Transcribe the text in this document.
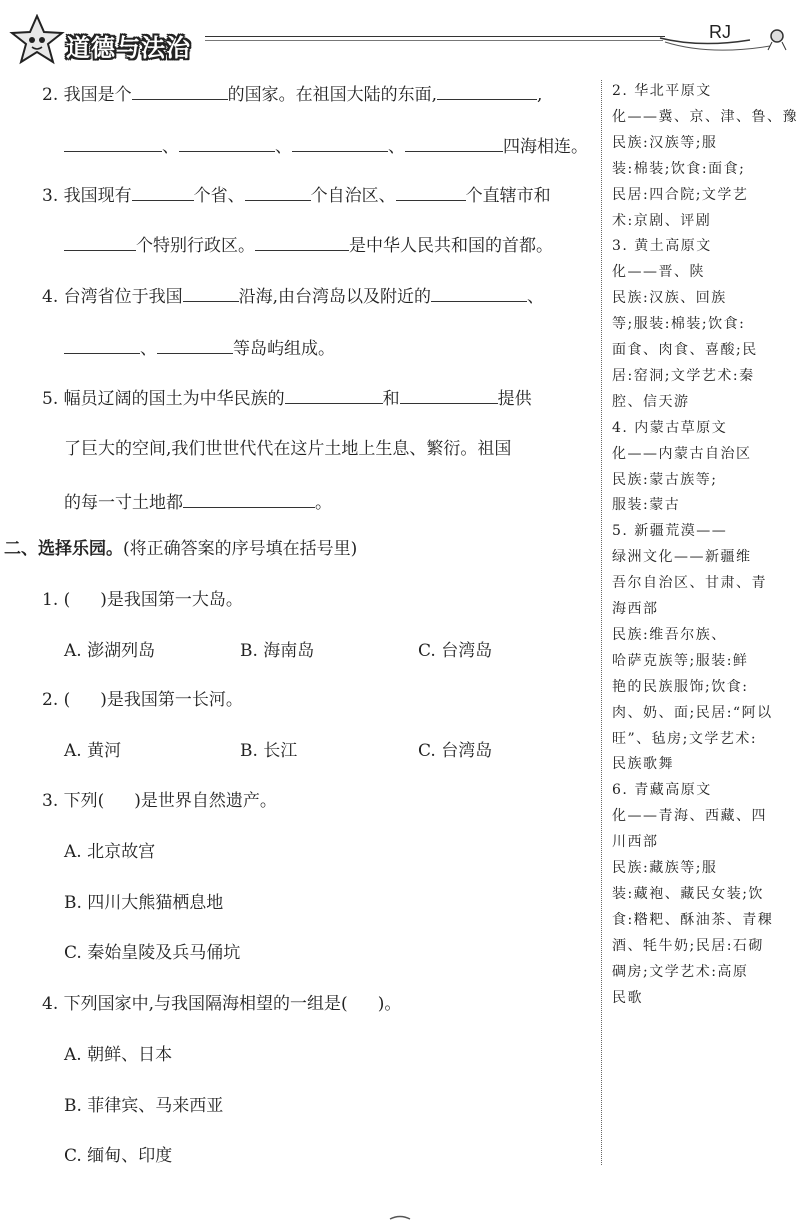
道德与法治
RJ
2. 我国是个	的国家。在祖国大陆的东面,	,
、	、	、	四海相连。
3. 我国现有	个省、	个自治区、	个直辖市和
个特别行政区。	是中华人民共和国的首都。
4. 台湾省位于我国	沿海,由台湾岛以及附近的	、
、	等岛屿组成。
5. 幅员辽阔的国土为中华民族的	和	提供
了巨大的空间,我们世世代代在这片土地上生息、繁衍。祖国
的每一寸土地都	。
二、选择乐园。(将正确答案的序号填在括号里)
1. ( )是我国第一大岛。
A. 澎湖列岛	B. 海南岛	C. 台湾岛
2. ( )是我国第一长河。
A. 黄河	B. 长江	C. 台湾岛
3. 下列( )是世界自然遗产。
A. 北京故宫
B. 四川大熊猫栖息地
C. 秦始皇陵及兵马俑坑
4. 下列国家中,与我国隔海相望的一组是( )。
A. 朝鲜、日本
B. 菲律宾、马来西亚
C. 缅甸、印度
2. 华北平原文
化——冀、京、津、鲁、豫
民族:汉族等;服
装:棉装;饮食:面食;
民居:四合院;文学艺
术:京剧、评剧
3. 黄土高原文
化——晋、陕
民族:汉族、回族
等;服装:棉装;饮食:
面食、肉食、喜酸;民
居:窑洞;文学艺术:秦
腔、信天游
4. 内蒙古草原文
化——内蒙古自治区
民族:蒙古族等;
服装:蒙古
5. 新疆荒漠——
绿洲文化——新疆维
吾尔自治区、甘肃、青
海西部
民族:维吾尔族、
哈萨克族等;服装:鲜
艳的民族服饰;饮食:
肉、奶、面;民居:“阿以
旺”、毡房;文学艺术:
民族歌舞
6. 青藏高原文
化——青海、西藏、四
川西部
民族:藏族等;服
装:藏袍、藏民女装;饮
食:糌粑、酥油茶、青稞
酒、牦牛奶;民居:石砌
碉房;文学艺术:高原
民歌
